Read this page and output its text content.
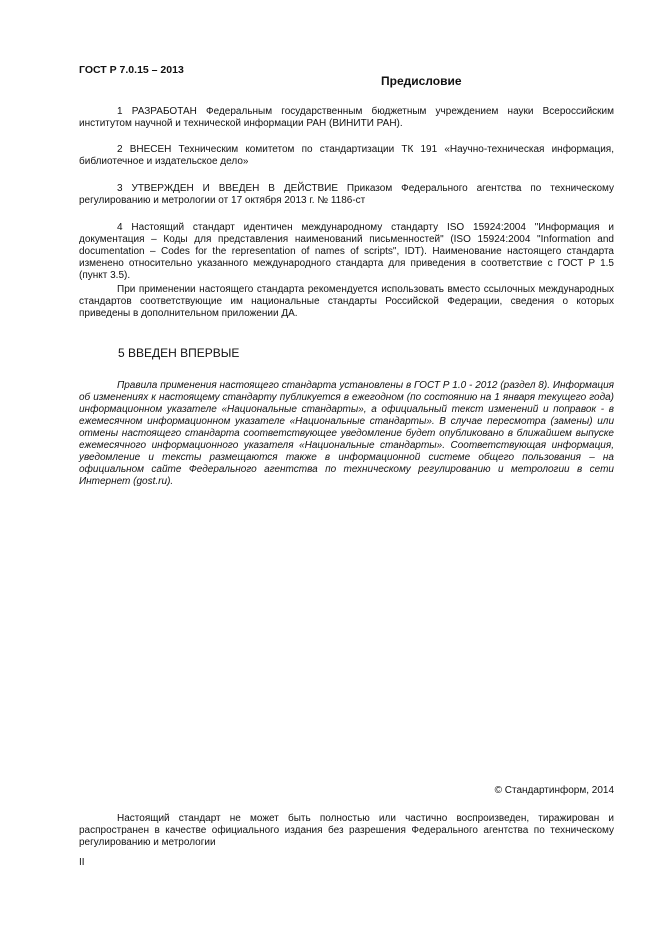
ГОСТ Р 7.0.15 – 2013
Предисловие

1 РАЗРАБОТАН Федеральным государственным бюджетным учреждением науки Всероссийским институтом научной и технической информации РАН (ВИНИТИ РАН).

2 ВНЕСЕН Техническим комитетом по стандартизации ТК 191 «Научно-техническая информация, библиотечное и издательское дело»

3 УТВЕРЖДЕН И ВВЕДЕН В ДЕЙСТВИЕ Приказом Федерального агентства по техническому регулированию и метрологии от 17 октября 2013 г. № 1186-ст

4 Настоящий стандарт идентичен международному стандарту ISO 15924:2004 "Информация и документация – Коды для представления наименований письменностей" (ISO 15924:2004 "Information and documentation – Codes for the representation of names of scripts", IDT). Наименование настоящего стандарта изменено относительно указанного международного стандарта для приведения в соответствие с ГОСТ Р 1.5 (пункт 3.5).

При применении настоящего стандарта рекомендуется использовать вместо ссылочных международных стандартов соответствующие им национальные стандарты Российской Федерации, сведения о которых приведены в дополнительном приложении ДА.

5 ВВЕДЕН ВПЕРВЫЕ

Правила применения настоящего стандарта установлены в ГОСТ Р 1.0 - 2012 (раздел 8). Информация об изменениях к настоящему стандарту публикуется в ежегодном (по состоянию на 1 января текущего года) информационном указателе «Национальные стандарты», а официальный текст изменений и поправок - в ежемесячном информационном указателе «Национальные стандарты». В случае пересмотра (замены) или отмены настоящего стандарта соответствующее уведомление будет опубликовано в ближайшем выпуске ежемесячного информационного указателя «Национальные стандарты». Соответствующая информация, уведомление и тексты размещаются также в информационной системе общего пользования – на официальном сайте Федерального агентства по техническому регулированию и метрологии в сети Интернет (gost.ru).

© Стандартинформ, 2014

Настоящий стандарт не может быть полностью или частично воспроизведен, тиражирован и распространен в качестве официального издания без разрешения Федерального агентства по техническому регулированию и метрологии

II
